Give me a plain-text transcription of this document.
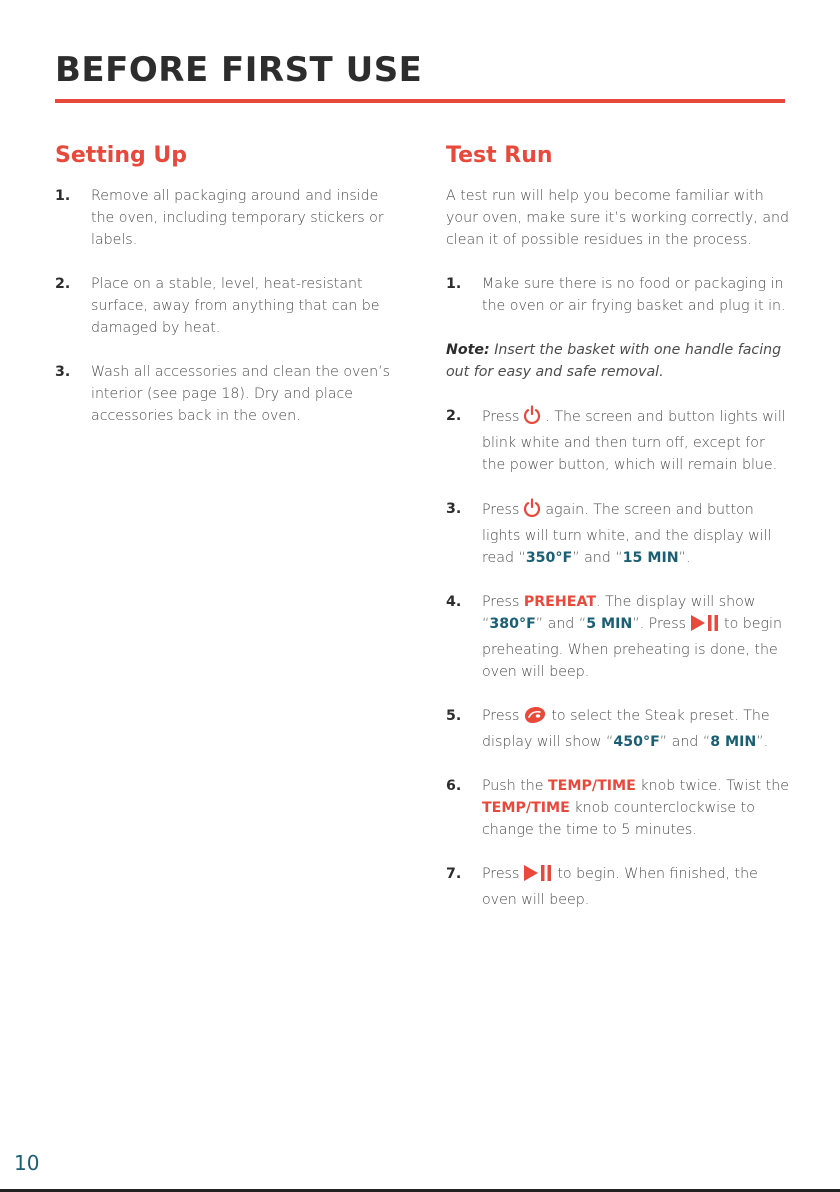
BEFORE FIRST USE
Setting Up
1. Remove all packaging around and inside the oven, including temporary stickers or labels.
2. Place on a stable, level, heat-resistant surface, away from anything that can be damaged by heat.
3. Wash all accessories and clean the oven’s interior (see page 18). Dry and place accessories back in the oven.
Test Run
A test run will help you become familiar with your oven, make sure it’s working correctly, and clean it of possible residues in the process.
1. Make sure there is no food or packaging in the oven or air frying basket and plug it in.
Note: Insert the basket with one handle facing out for easy and safe removal.
2. Press . The screen and button lights will blink white and then turn off, except for the power button, which will remain blue.
3. Press again. The screen and button lights will turn white, and the display will read “350°F” and “15 MIN”.
4. Press PREHEAT. The display will show “380°F” and “5 MIN”. Press	to begin preheating. When preheating is done, the oven will beep.
5. Press to select the Steak preset. The display will show “450°F” and “8 MIN”.
6. Push the TEMP/TIME knob twice. Twist the TEMP/TIME knob counterclockwise to change the time to 5 minutes.
7. Press	to begin. When finished, the oven will beep.
10
